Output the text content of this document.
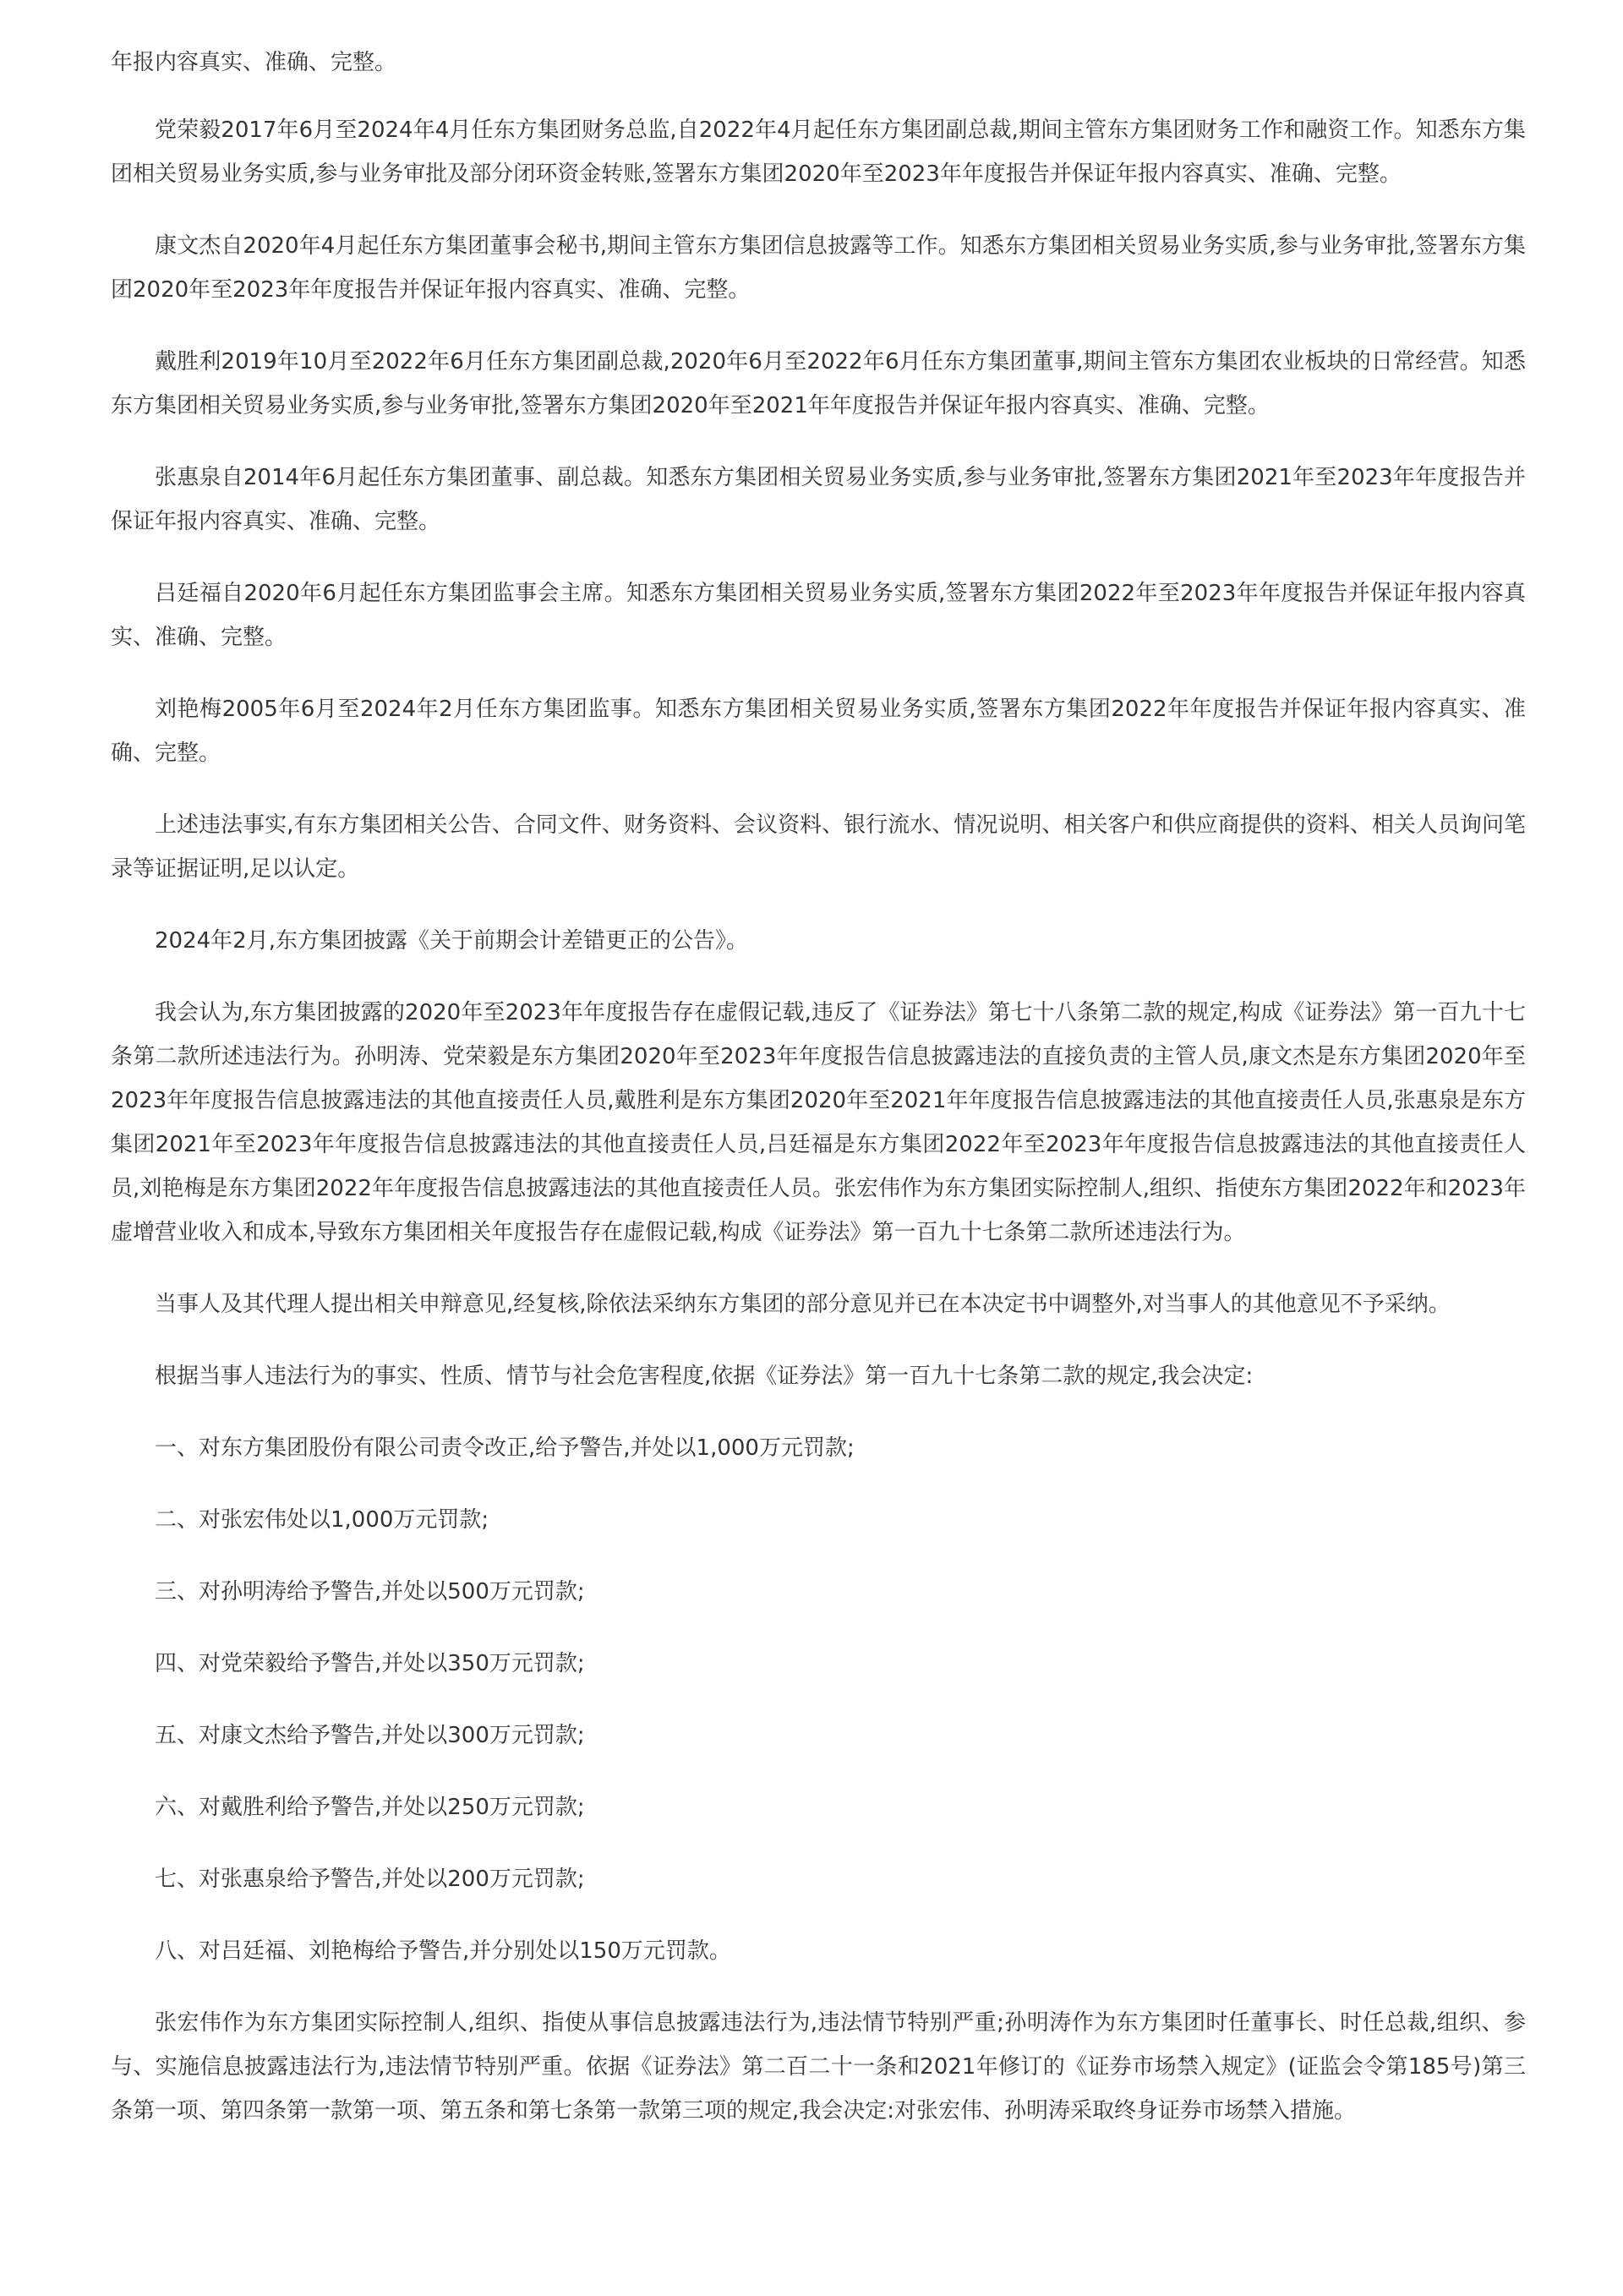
年报内容真实、准确、完整。

党荣毅2017年6月至2024年4月任东方集团财务总监,自2022年4月起任东方集团副总裁,期间主管东方集团财务工作和融资工作。知悉东方集团相关贸易业务实质,参与业务审批及部分闭环资金转账,签署东方集团2020年至2023年年度报告并保证年报内容真实、准确、完整。

康文杰自2020年4月起任东方集团董事会秘书,期间主管东方集团信息披露等工作。知悉东方集团相关贸易业务实质,参与业务审批,签署东方集团2020年至2023年年度报告并保证年报内容真实、准确、完整。

戴胜利2019年10月至2022年6月任东方集团副总裁,2020年6月至2022年6月任东方集团董事,期间主管东方集团农业板块的日常经营。知悉东方集团相关贸易业务实质,参与业务审批,签署东方集团2020年至2021年年度报告并保证年报内容真实、准确、完整。

张惠泉自2014年6月起任东方集团董事、副总裁。知悉东方集团相关贸易业务实质,参与业务审批,签署东方集团2021年至2023年年度报告并保证年报内容真实、准确、完整。

吕廷福自2020年6月起任东方集团监事会主席。知悉东方集团相关贸易业务实质,签署东方集团2022年至2023年年度报告并保证年报内容真实、准确、完整。

刘艳梅2005年6月至2024年2月任东方集团监事。知悉东方集团相关贸易业务实质,签署东方集团2022年年度报告并保证年报内容真实、准确、完整。

上述违法事实,有东方集团相关公告、合同文件、财务资料、会议资料、银行流水、情况说明、相关客户和供应商提供的资料、相关人员询问笔录等证据证明,足以认定。

2024年2月,东方集团披露《关于前期会计差错更正的公告》。

我会认为,东方集团披露的2020年至2023年年度报告存在虚假记载,违反了《证券法》第七十八条第二款的规定,构成《证券法》第一百九十七条第二款所述违法行为。孙明涛、党荣毅是东方集团2020年至2023年年度报告信息披露违法的直接负责的主管人员,康文杰是东方集团2020年至2023年年度报告信息披露违法的其他直接责任人员,戴胜利是东方集团2020年至2021年年度报告信息披露违法的其他直接责任人员,张惠泉是东方集团2021年至2023年年度报告信息披露违法的其他直接责任人员,吕廷福是东方集团2022年至2023年年度报告信息披露违法的其他直接责任人员,刘艳梅是东方集团2022年年度报告信息披露违法的其他直接责任人员。张宏伟作为东方集团实际控制人,组织、指使东方集团2022年和2023年虚增营业收入和成本,导致东方集团相关年度报告存在虚假记载,构成《证券法》第一百九十七条第二款所述违法行为。

当事人及其代理人提出相关申辩意见,经复核,除依法采纳东方集团的部分意见并已在本决定书中调整外,对当事人的其他意见不予采纳。

根据当事人违法行为的事实、性质、情节与社会危害程度,依据《证券法》第一百九十七条第二款的规定,我会决定:

一、对东方集团股份有限公司责令改正,给予警告,并处以1,000万元罚款;

二、对张宏伟处以1,000万元罚款;

三、对孙明涛给予警告,并处以500万元罚款;

四、对党荣毅给予警告,并处以350万元罚款;

五、对康文杰给予警告,并处以300万元罚款;

六、对戴胜利给予警告,并处以250万元罚款;

七、对张惠泉给予警告,并处以200万元罚款;

八、对吕廷福、刘艳梅给予警告,并分别处以150万元罚款。

张宏伟作为东方集团实际控制人,组织、指使从事信息披露违法行为,违法情节特别严重;孙明涛作为东方集团时任董事长、时任总裁,组织、参与、实施信息披露违法行为,违法情节特别严重。依据《证券法》第二百二十一条和2021年修订的《证券市场禁入规定》(证监会令第185号)第三条第一项、第四条第一款第一项、第五条和第七条第一款第三项的规定,我会决定:对张宏伟、孙明涛采取终身证券市场禁入措施。
